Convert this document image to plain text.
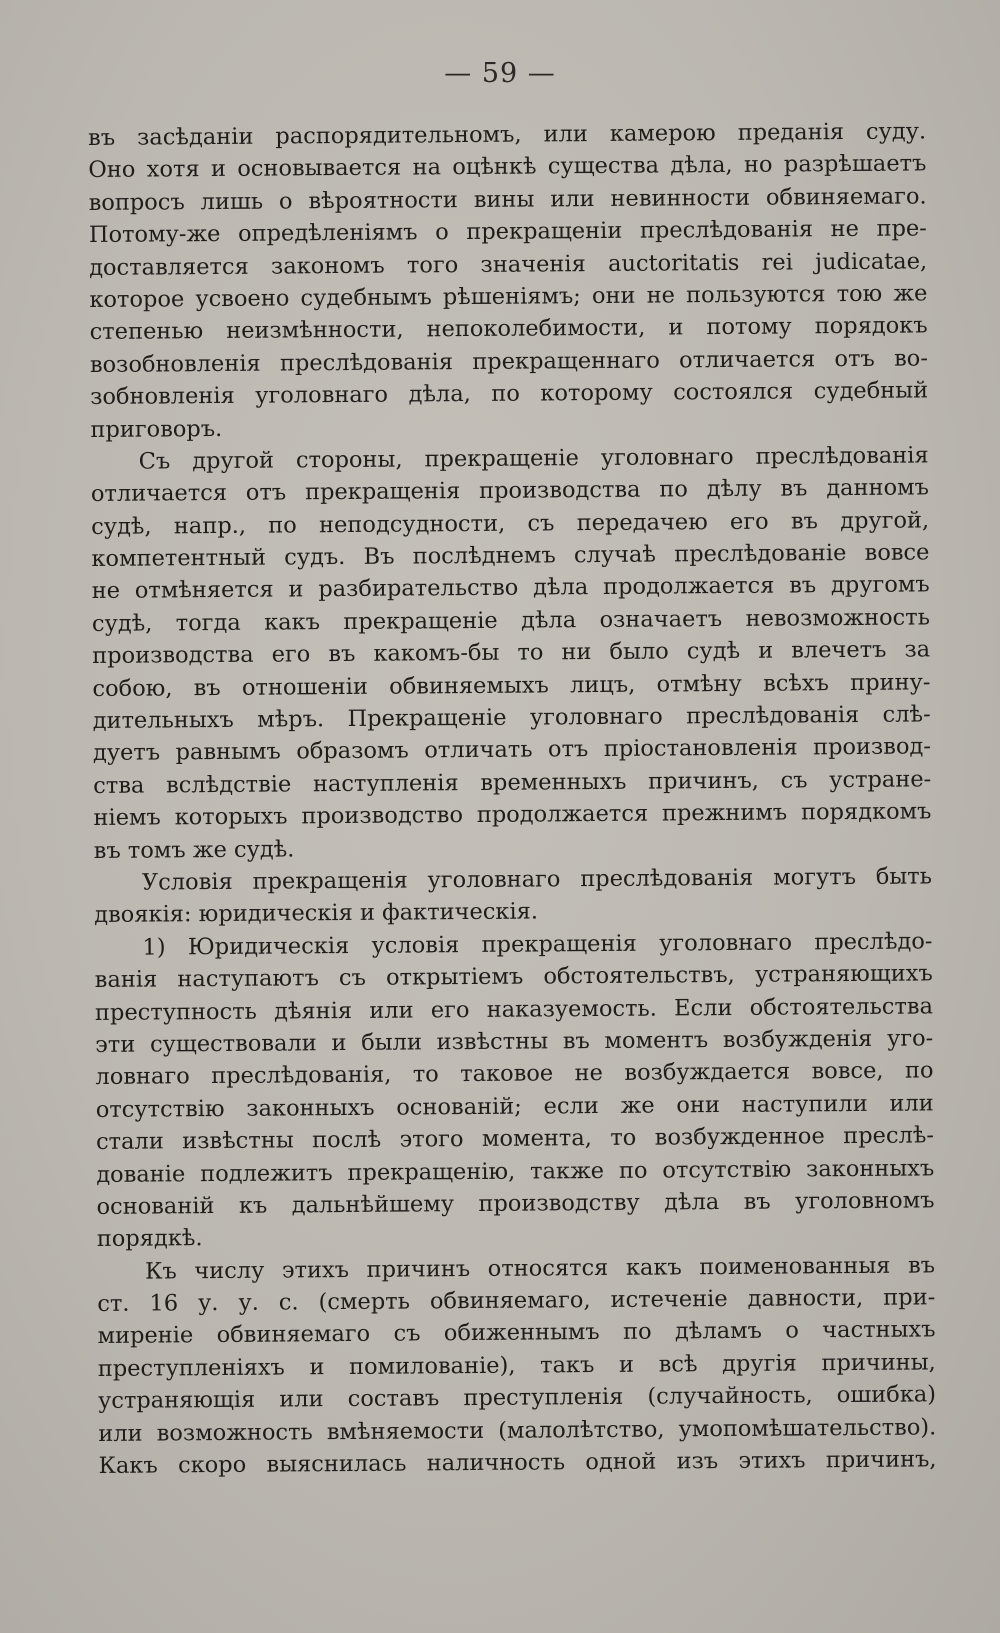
— 59 —
въ засѣданіи распорядительномъ, или камерою преданія суду.
Оно хотя и основывается на оцѣнкѣ существа дѣла, но разрѣшаетъ
вопросъ лишь о вѣроятности вины или невинности обвиняемаго.
Потому-же опредѣленіямъ о прекращеніи преслѣдованія не пре-
доставляется закономъ того значенія auctoritatis rei judicatae,
которое усвоено судебнымъ рѣшеніямъ; они не пользуются тою же
степенью неизмѣнности, непоколебимости, и потому порядокъ
возобновленія преслѣдованія прекращеннаго отличается отъ во-
зобновленія уголовнаго дѣла, по которому состоялся судебный
приговоръ.
Съ другой стороны, прекращеніе уголовнаго преслѣдованія
отличается отъ прекращенія производства по дѣлу въ данномъ
судѣ, напр., по неподсудности, съ передачею его въ другой,
компетентный судъ. Въ послѣднемъ случаѣ преслѣдованіе вовсе
не отмѣняется и разбирательство дѣла продолжается въ другомъ
судѣ, тогда какъ прекращеніе дѣла означаетъ невозможность
производства его въ какомъ-бы то ни было судѣ и влечетъ за
собою, въ отношеніи обвиняемыхъ лицъ, отмѣну всѣхъ прину-
дительныхъ мѣръ. Прекращеніе уголовнаго преслѣдованія слѣ-
дуетъ равнымъ образомъ отличать отъ пріостановленія производ-
ства вслѣдствіе наступленія временныхъ причинъ, съ устране-
ніемъ которыхъ производство продолжается прежнимъ порядкомъ
въ томъ же судѣ.
Условія прекращенія уголовнаго преслѣдованія могутъ быть
двоякія: юридическія и фактическія.
1) Юридическія условія прекращенія уголовнаго преслѣдо-
ванія наступаютъ съ открытіемъ обстоятельствъ, устраняющихъ
преступность дѣянія или его наказуемость. Если обстоятельства
эти существовали и были извѣстны въ моментъ возбужденія уго-
ловнаго преслѣдованія, то таковое не возбуждается вовсе, по
отсутствію законныхъ основаній; если же они наступили или
стали извѣстны послѣ этого момента, то возбужденное преслѣ-
дованіе подлежитъ прекращенію, также по отсутствію законныхъ
основаній къ дальнѣйшему производству дѣла въ уголовномъ
порядкѣ.
Къ числу этихъ причинъ относятся какъ поименованныя въ
ст. 16 у. у. с. (смерть обвиняемаго, истеченіе давности, при-
миреніе обвиняемаго съ обиженнымъ по дѣламъ о частныхъ
преступленіяхъ и помилованіе), такъ и всѣ другія причины,
устраняющія или составъ преступленія (случайность, ошибка)
или возможность вмѣняемости (малолѣтство, умопомѣшательство).
Какъ скоро выяснилась наличность одной изъ этихъ причинъ,
